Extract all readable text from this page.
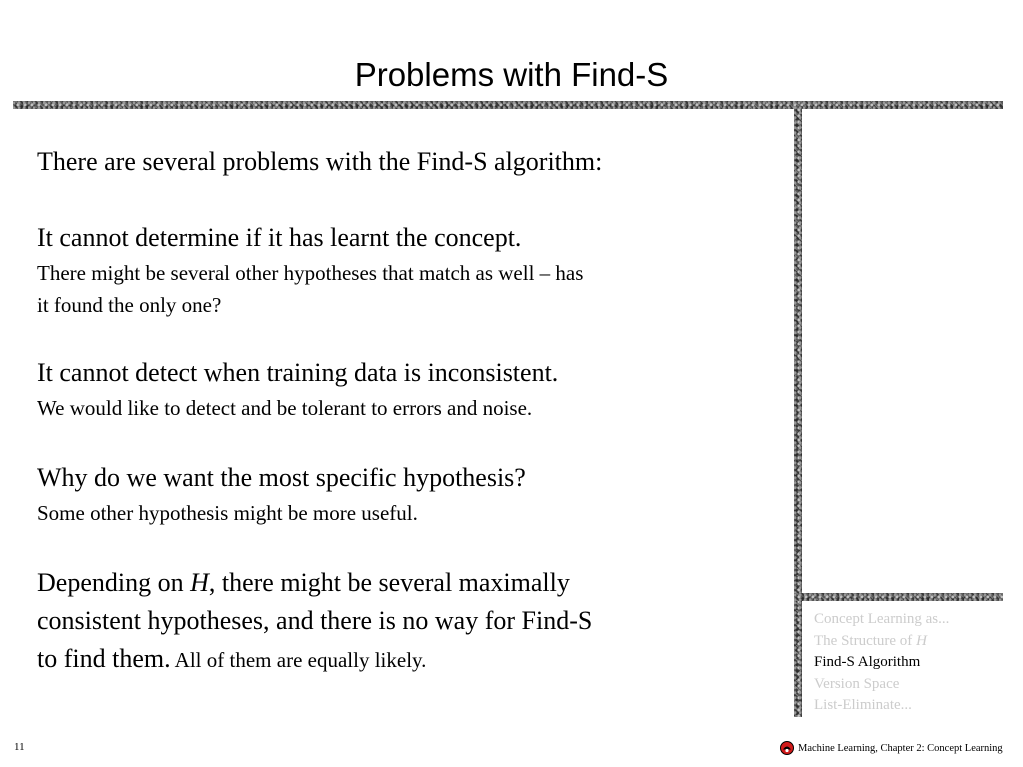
Problems with Find-S
There are several problems with the Find-S algorithm:
It cannot determine if it has learnt the concept.
There might be several other hypotheses that match as well – has
it found the only one?
It cannot detect when training data is inconsistent.
We would like to detect and be tolerant to errors and noise.
Why do we want the most specific hypothesis?
Some other hypothesis might be more useful.
Depending on H, there might be several maximally
consistent hypotheses, and there is no way for Find-S
to find them. All of them are equally likely.
Concept Learning as...
The Structure of H
Find-S Algorithm
Version Space
List-Eliminate...
11	Machine Learning, Chapter 2: Concept Learning
